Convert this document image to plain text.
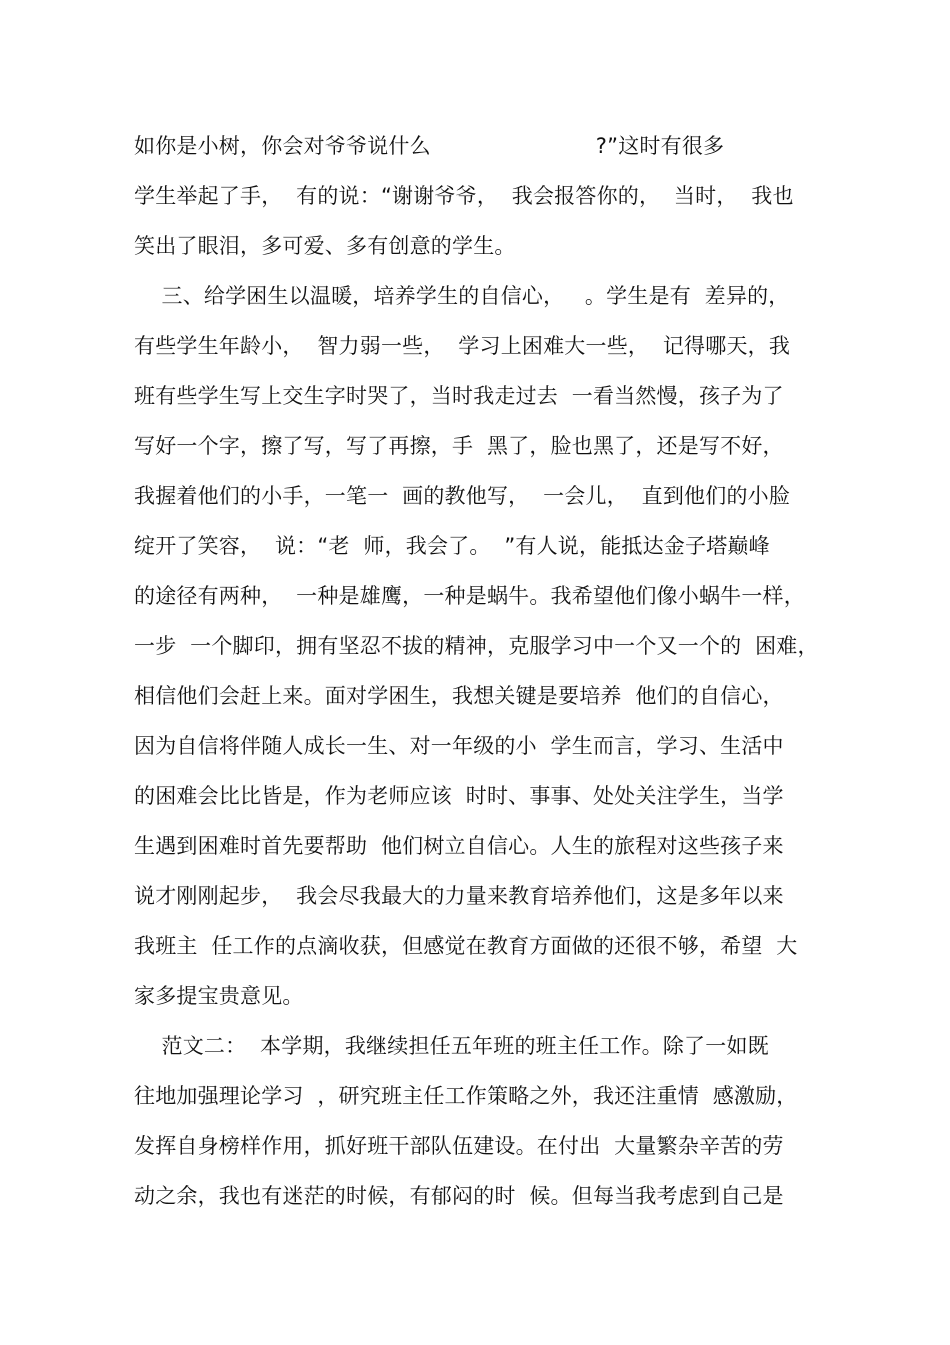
如你是小树，你会对爷爷说什么                        ?”这时有很多
学生举起了手，  有的说：“谢谢爷爷，  我会报答你的，  当时，  我也
笑出了眼泪，多可爱、多有创意的学生。
三、给学困生以温暖，培养学生的自信心，   。学生是有  差异的，
有些学生年龄小，  智力弱一些，  学习上困难大一些，  记得哪天，我
班有些学生写上交生字时哭了，当时我走过去  一看当然慢，孩子为了
写好一个字，擦了写，写了再擦，手  黑了，脸也黑了，还是写不好，
我握着他们的小手，一笔一  画的教他写，  一会儿，  直到他们的小脸
绽开了笑容，  说：“老  师，我会了。  ”有人说，能抵达金子塔巅峰
的途径有两种，  一种是雄鹰，一种是蜗牛。我希望他们像小蜗牛一样，
一步  一个脚印，拥有坚忍不拔的精神，克服学习中一个又一个的  困难，
相信他们会赶上来。面对学困生，我想关键是要培养  他们的自信心，
因为自信将伴随人成长一生、对一年级的小  学生而言，学习、生活中
的困难会比比皆是，作为老师应该  时时、事事、处处关注学生，当学
生遇到困难时首先要帮助  他们树立自信心。人生的旅程对这些孩子来
说才刚刚起步，  我会尽我最大的力量来教育培养他们，这是多年以来
我班主  任工作的点滴收获，但感觉在教育方面做的还很不够，希望  大
家多提宝贵意见。
范文二：  本学期，我继续担任五年班的班主任工作。除了一如既
往地加强理论学习  ，研究班主任工作策略之外，我还注重情  感激励，
发挥自身榜样作用，抓好班干部队伍建设。在付出  大量繁杂辛苦的劳
动之余，我也有迷茫的时候，有郁闷的时  候。但每当我考虑到自己是
